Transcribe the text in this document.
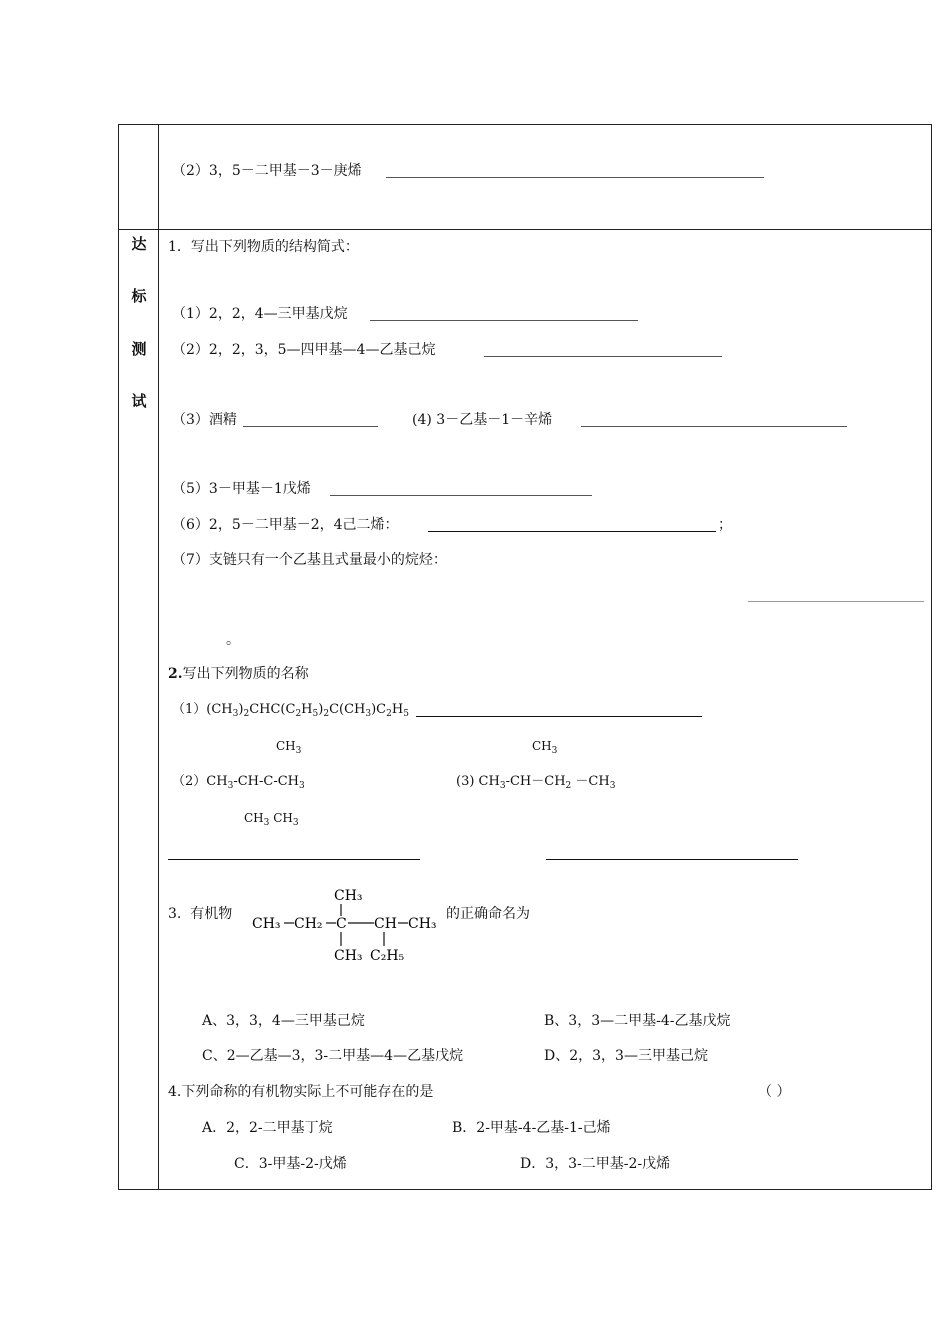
（2）3，5－二甲基－3－庚烯
达
标
测
试
1．写出下列物质的结构简式：
（1）2，2，4—三甲基戊烷
（2）2，2，3，5—四甲基—4—乙基己烷
（3）酒精	(4) 3－乙基－1－辛烯
（5）3－甲基－1戊烯
（6）2，5－二甲基－2，4己二烯：	；
（7）支链只有一个乙基且式量最小的烷烃：
。
2.写出下列物质的名称
$(1)(CH_3)_2CHC(C_2H_5)_2C(CH_3)C_2H_5$
$CH_3$
$(2)CH_3-CH-C-CH_3$
$CH_3$ $CH_3$
$CH_3$
(3) $CH_3-CH-CH_2 -CH_3$
3. 有机物
CH₃
CH₃ CH₂ C CH CH₃
CH₃ C₂H₅
的正确命名为
A、3，3，4—三甲基己烷	B、3，3—二甲基-4-乙基戊烷
C、2—乙基—3，3-二甲基—4—乙基戊烷	D、2，3，3—三甲基己烷
4.下列命称的有机物实际上不可能存在的是	（ ）
A．2，2-二甲基丁烷	B．2-甲基-4-乙基-1-己烯
C．3-甲基-2-戊烯	D．3，3-二甲基-2-戊烯
